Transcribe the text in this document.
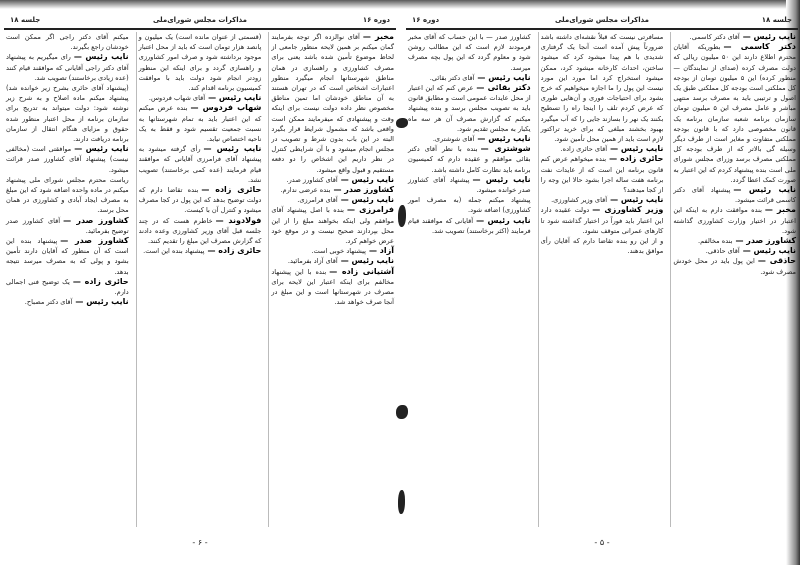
دوره ۱۶
مذاکرات مجلس شورای‌ملی
جلسه ۱۸

مخبر —آقای نوالزده اگر توجه بفرمایند گمان میکنم بر همین لایحه منظور جامعی از لحاظ موضوع تأمین شده باشد یعنی برای مصرف کشاورزی و راهسازی در همان مناطق شهرستانها انجام میگیرد منظور اعتبارات اشخاص است که در تهران هستند به آن مناطق خودشان اما تمین مناطق مخصوص نظر داده دولت نیست برای اینکه وقت و پیشنهادی که میفرمایند ممکن است واقعی باشد که مشمول شرایط قرار بگیرد البته در این باب بدون شرط و تصویب در مجلس انجام میشود و با آن شرایطی کنترل در نظر داریم این اشخاص را دو دفعه مستقیم و قبول واقع میشود.

نایب رئیس —آقای کشاورز صدر.

کشاورز صدر —بنده عرضی ندارم.

نایب رئیس —آقای فرامرزی.

فرامرزی —بنده با اصل پیشنهاد آقای موافقم ولی اینکه بخواهند مبلغ را از این محل بپردازند صحیح نیست و در موقع خود عرض خواهم کرد.

آزاد —پیشنهاد خوبی است.

نایب رئیس —آقای آزاد بفرمائید.

آشتیانی زاده —بنده با این پیشنهاد مخالفم برای اینکه اعتبار این لایحه برای مصرف در شهرستانها است و این مبلغ در آنجا صرف خواهد شد.

(قسمتی از عنوان مانده است) یک میلیون و پانصد هزار تومان است که باید از محل اعتبار موجود برداشته شود و صرف امور کشاورزی و راهسازی گردد و برای اینکه این منظور زودتر انجام شود دولت باید با موافقت کمیسیون برنامه اقدام کند.

نایب رئیس —آقای شهاب فردوس.

شهاب فردوس —بنده عرض میکنم که این اعتبار باید به تمام شهرستانها به نسبت جمعیت تقسیم شود و فقط به یک ناحیه اختصاص نیابد.

نایب رئیس —رأی گرفته میشود به پیشنهاد آقای فرامرزی آقایانی که موافقند قیام فرمایند (عده کمی برخاستند) تصویب نشد.

حائری زاده —بنده تقاضا دارم که دولت توضیح بدهد که این پول در کجا مصرف میشود و کنترل آن با کیست.

فولادوند —خاطرم هست که در چند جلسه قبل آقای وزیر کشاورزی وعده دادند که گزارش مصرف این مبلغ را تقدیم کنند.

حائری زاده —پیشنهاد بنده این است.

میکنم آقای دکتر راجی اگر ممکن است خودشان راجع بگیرند.

نایب رئیس —رای میگیریم به پیشنهاد آقای دکتر راجی آقایانی که موافقند قیام کنند (عده زیادی برخاستند) تصویب شد.

(پیشنهاد آقای حائری بشرح زیر خوانده شد) پیشنهاد میکنم ماده اصلاح و به شرح زیر نوشته شود: دولت میتواند به تدریج برای سازمان برنامه از محل اعتبار منظور شده حقوق و مزایای هنگام انتقال از سازمان برنامه دریافت دارند.

نایب رئیس —موافقتی است (مخالفی نیست) پیشنهاد آقای کشاورز صدر قرائت میشود.

ریاست محترم مجلس شورای ملی پیشنهاد میکنم در ماده واحده اضافه شود که این مبلغ به مصرف ایجاد آبادی و کشاورزی در همان محل برسد.

کشاورز صدر —آقای کشاورز صدر توضیح بفرمائید.

کشاورز صدر —پیشنهاد بنده این است که آن منظور که آقایان دارند تأمین بشود و پولی که به مصرف میرسد نتیجه بدهد.

حائری زاده —یک توضیح فنی اجمالی دارم.

نایب رئیس —آقای دکتر مصباح.

- ۶ -
جلسه ۱۸
مذاکرات مجلس شورای‌ملی
دوره ۱۶

نایب رئیس —آقای دکتر کاسمی.

دکتر کاسمی —بطوریکه آقایان محترم اطلاع دارند این ۵۰ میلیون ریالی که دولت مصرف کرده (صدای از نمایندگان — منظور کرده) این ۵ میلیون تومان از بودجه کل مملکتی است بودجه کل مملکتی طبق یک اصول و ترتیبی باید به مصرف برسد منتهی مباشر و عامل مصرف این ۵ میلیون تومان سازمان برنامه شعبه سازمان برنامه یک قانون مخصوصی دارد که با قانون بودجه مملکتی متفاوت و مغایر است از طرف دیگر وسیله گی بالاتر که از طرف بودجه کل مملکتی مصرف برسد وزرای مجلس شورای ملی است بنده پیشنهاد کردم که این اعتبار به صورت کمک اعطا گردد.

نایب رئیس —پیشنهاد آقای دکتر کاسمی قرائت میشود.

مخبر —بنده موافقت دارم به اینکه این اعتبار در اختیار وزارت کشاورزی گذاشته شود.

کشاورز صدر —بنده مخالفم.

نایب رئیس —آقای حاذقی.

حاذقی —این پول باید در محل خودش مصرف شود.

مسافرتی نیست که قبلاً نقشه‌ای داشته باشد ضرورتاً پیش آمده است آنجا یک گرفتاری شدیدی با هم پیدا میشود کرد که میشود ساختن، احداث کارخانه میشود کرد، ممکن میشود استخراج کرد اما مورد این مورد نیست این پول را ما اجازه میخواهیم که خرج بشود برای احتیاجات فوری و آن‌هایی طوری که عرض کردم تلف را اینجا راه را تسطیح بکنند یک نهر را بسازند جایی را که آب میگیرد بهبود بخشند مبلغی که برای خرید تراکتور لازم است باید از همین محل تأمین شود.

نایب رئیس —آقای حائری زاده.

حائری زاده —بنده میخواهم عرض کنم قانون برنامه این است که از عایدات نفت برنامه هفت ساله اجرا بشود حالا این وجه را از کجا میدهند؟

نایب رئیس —آقای وزیر کشاورزی.

وزیر کشاورزی —دولت عقیده دارد این اعتبار باید فوراً در اختیار گذاشته شود تا کارهای عمرانی متوقف نشود.

و از این رو بنده تقاضا دارم که آقایان رأی موافق بدهند.

کشاورز صدر — با این حساب که آقای مخبر فرمودند لازم است که این مطالب روشن شود و معلوم گردد که این پول بچه مصرف میرسد.

نایب رئیس —آقای دکتر بقائی.

دکتر بقائی —عرض کنم که این اعتبار از محل عایدات عمومی است و مطابق قانون باید به تصویب مجلس برسد و بنده پیشنهاد میکنم که گزارش مصرف آن هر سه ماه یکبار به مجلس تقدیم شود.

نایب رئیس —آقای شوشتری.

شوشتری —بنده با نظر آقای دکتر بقائی موافقم و عقیده دارم که کمیسیون برنامه باید نظارت کامل داشته باشد.

نایب رئیس —پیشنهاد آقای کشاورز صدر خوانده میشود.

پیشنهاد میکنم جمله (به مصرف امور کشاورزی) اضافه شود.

نایب رئیس —آقایانی که موافقند قیام فرمایند (اکثر برخاستند) تصویب شد.

- ۵ -
